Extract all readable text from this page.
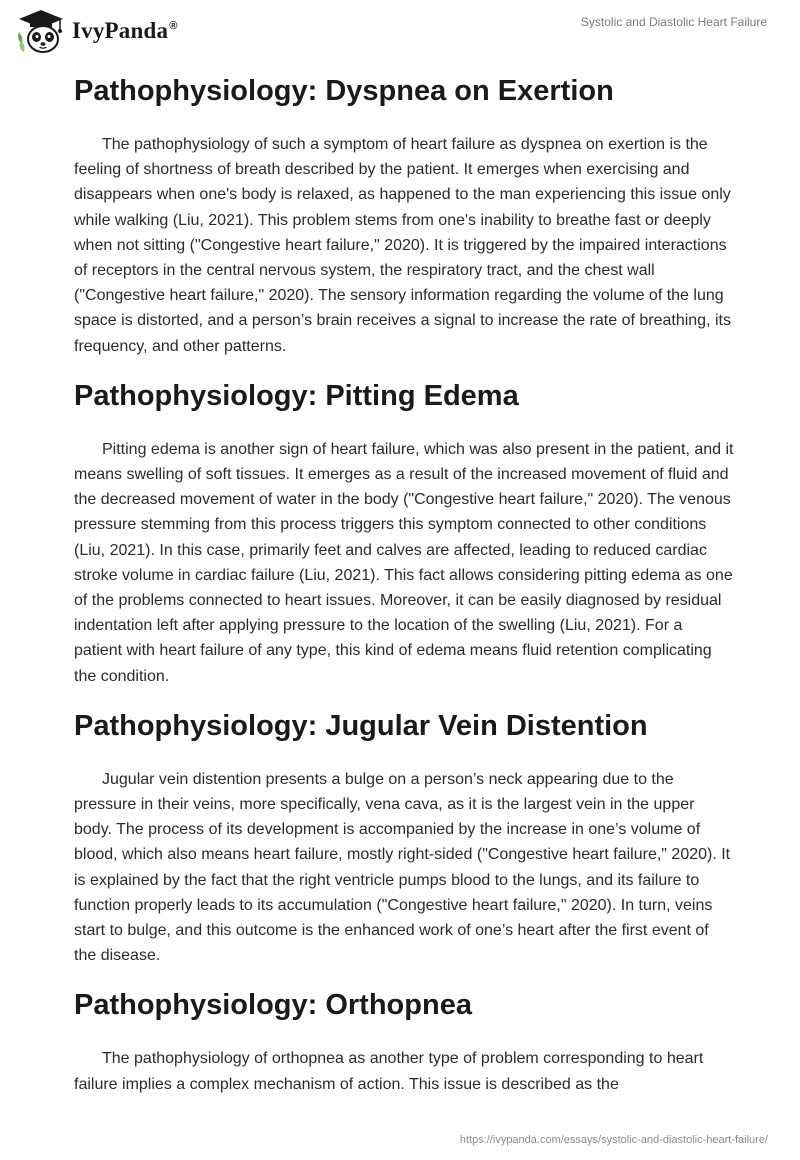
IvyPanda®	Systolic and Diastolic Heart Failure
Pathophysiology: Dyspnea on Exertion

The pathophysiology of such a symptom of heart failure as dyspnea on exertion is the feeling of shortness of breath described by the patient. It emerges when exercising and disappears when one's body is relaxed, as happened to the man experiencing this issue only while walking (Liu, 2021). This problem stems from one's inability to breathe fast or deeply when not sitting ("Congestive heart failure," 2020). It is triggered by the impaired interactions of receptors in the central nervous system, the respiratory tract, and the chest wall ("Congestive heart failure," 2020). The sensory information regarding the volume of the lung space is distorted, and a person’s brain receives a signal to increase the rate of breathing, its frequency, and other patterns.

Pathophysiology: Pitting Edema

Pitting edema is another sign of heart failure, which was also present in the patient, and it means swelling of soft tissues. It emerges as a result of the increased movement of fluid and the decreased movement of water in the body ("Congestive heart failure," 2020). The venous pressure stemming from this process triggers this symptom connected to other conditions (Liu, 2021). In this case, primarily feet and calves are affected, leading to reduced cardiac stroke volume in cardiac failure (Liu, 2021). This fact allows considering pitting edema as one of the problems connected to heart issues. Moreover, it can be easily diagnosed by residual indentation left after applying pressure to the location of the swelling (Liu, 2021). For a patient with heart failure of any type, this kind of edema means fluid retention complicating the condition.

Pathophysiology: Jugular Vein Distention

Jugular vein distention presents a bulge on a person’s neck appearing due to the pressure in their veins, more specifically, vena cava, as it is the largest vein in the upper body. The process of its development is accompanied by the increase in one’s volume of blood, which also means heart failure, mostly right-sided ("Congestive heart failure," 2020). It is explained by the fact that the right ventricle pumps blood to the lungs, and its failure to function properly leads to its accumulation ("Congestive heart failure," 2020). In turn, veins start to bulge, and this outcome is the enhanced work of one’s heart after the first event of the disease.

Pathophysiology: Orthopnea

The pathophysiology of orthopnea as another type of problem corresponding to heart failure implies a complex mechanism of action. This issue is described as the

https://ivypanda.com/essays/systolic-and-diastolic-heart-failure/
